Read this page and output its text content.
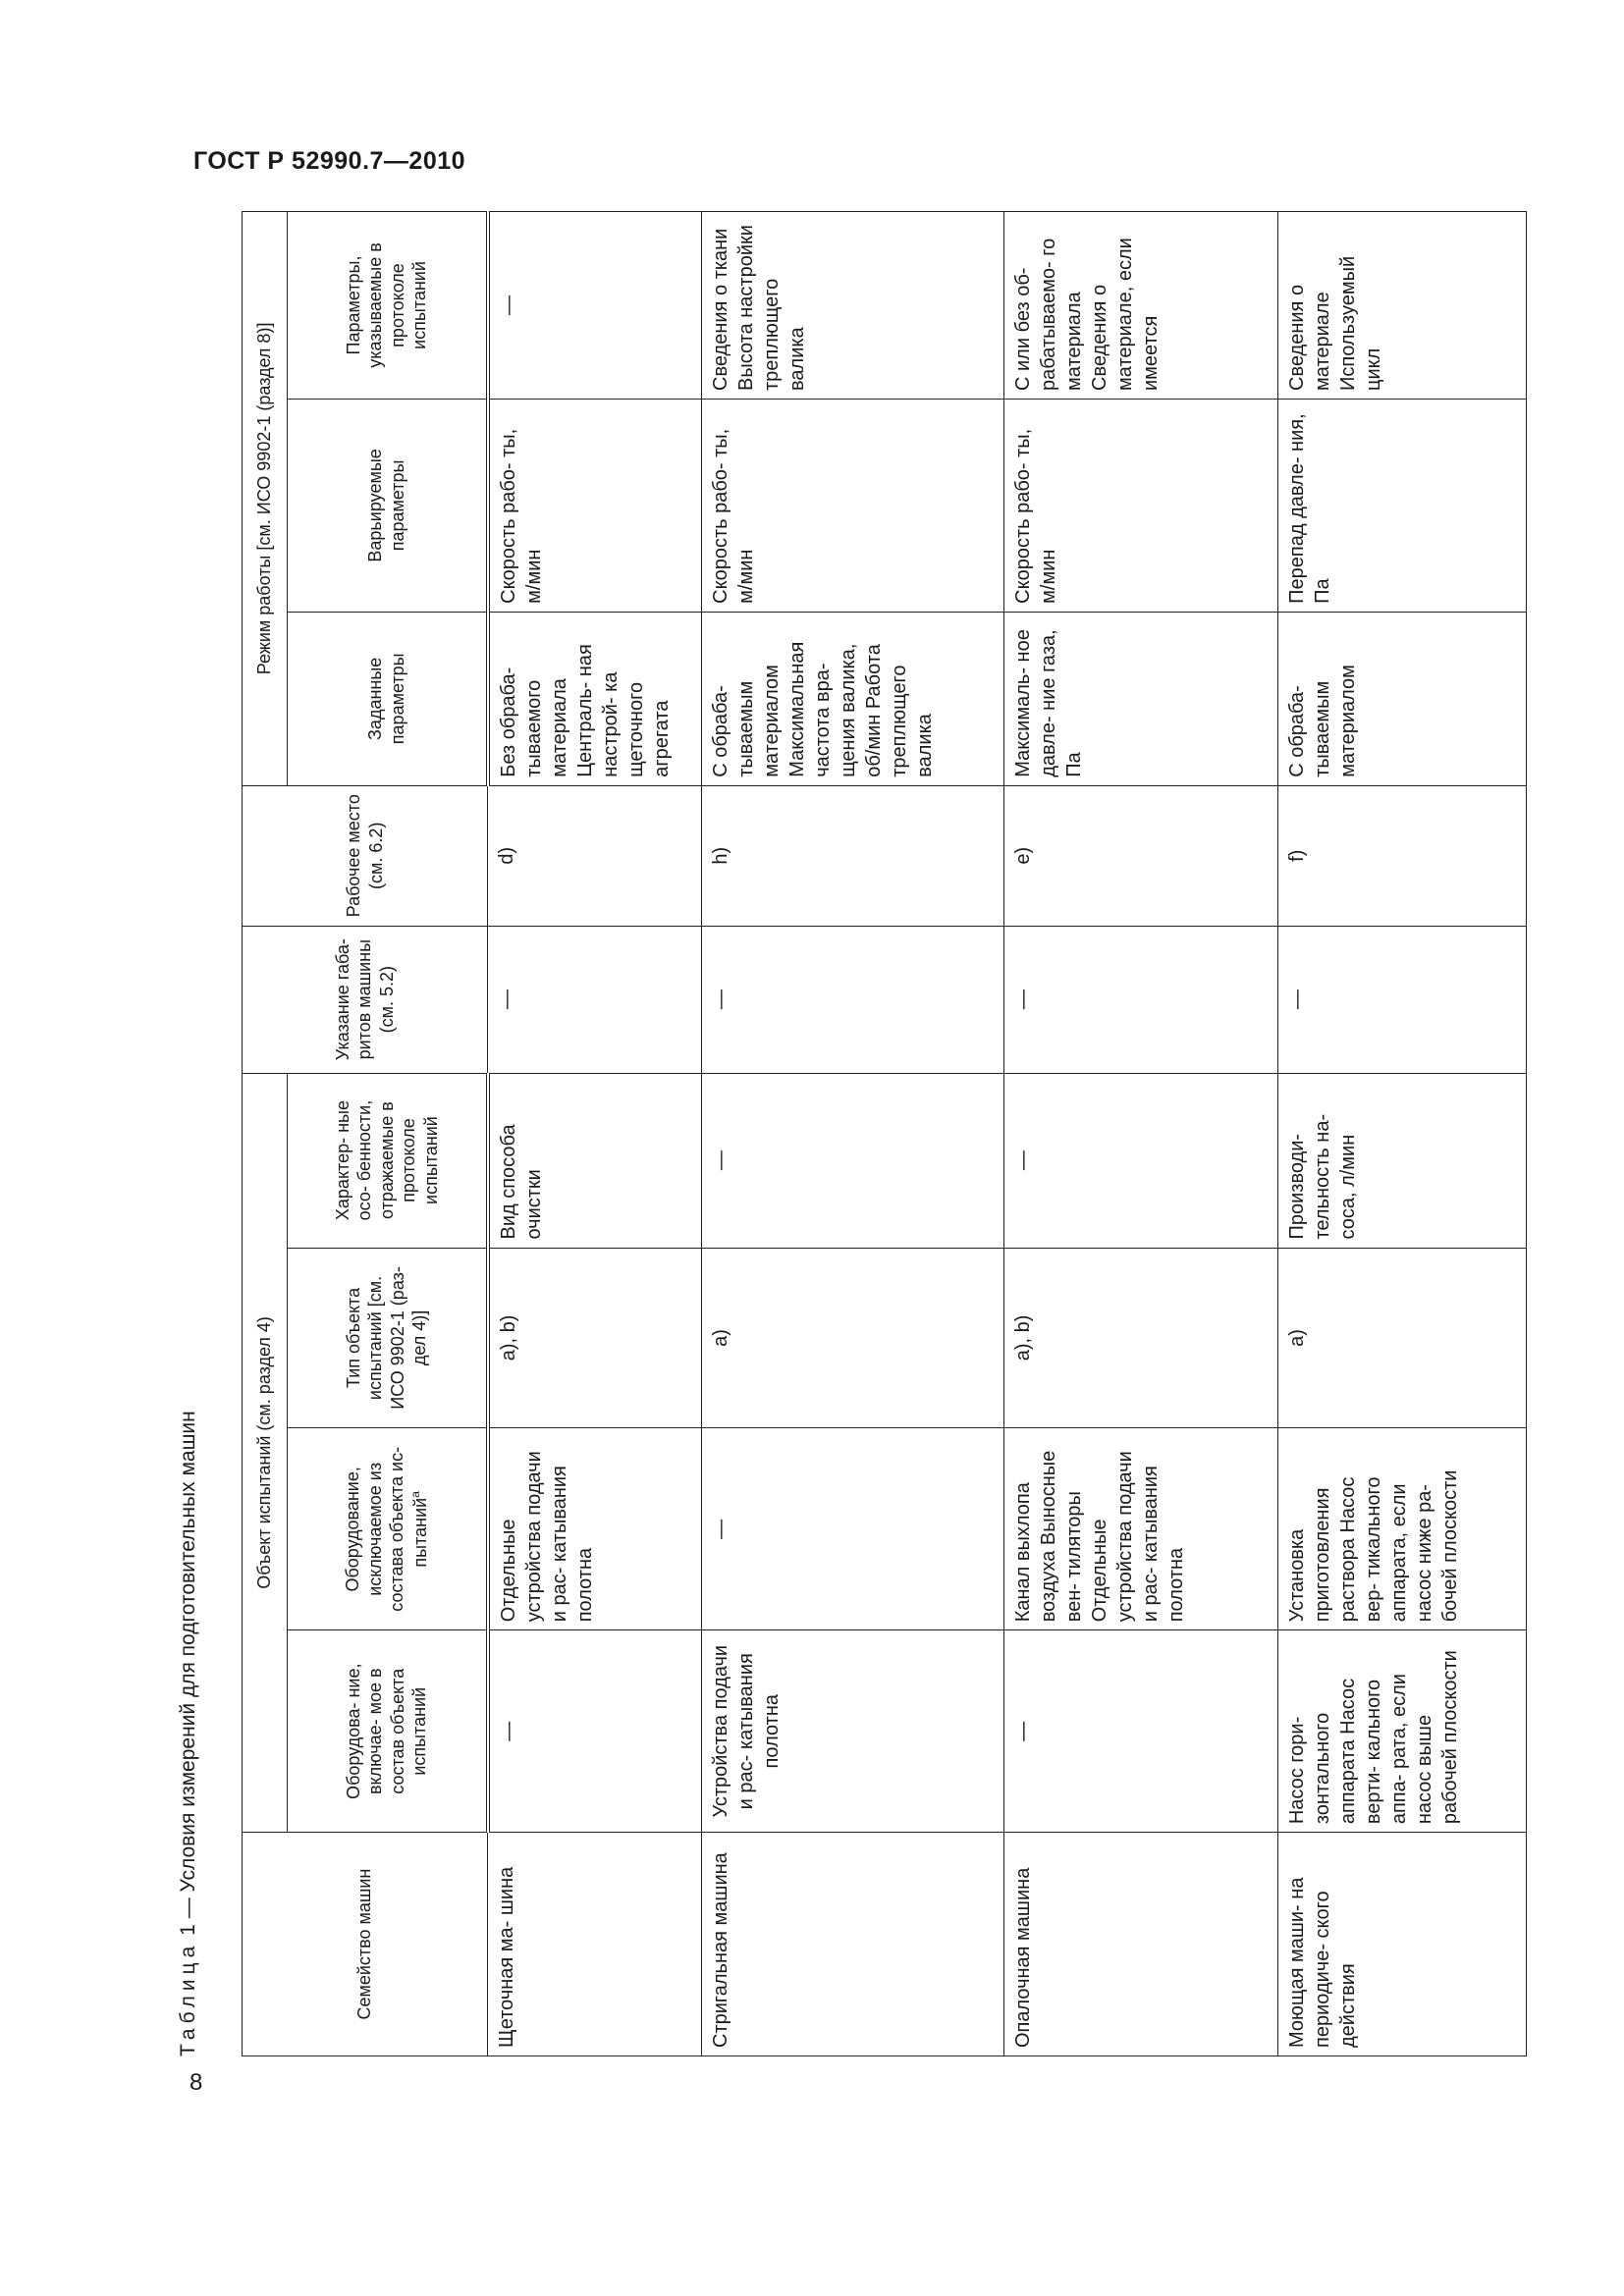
ГОСТ Р 52990.7—2010
8
Таблица 1 — Условия измерений для подготовительных машин
Семейство машин	Объект испытаний (см. раздел 4)				Указание габа- ритов машины (см. 5.2)	Рабочее место (см. 6.2)	Режим работы [см. ИСО 9902-1 (раздел 8)]		
	Оборудова- ние, включае- мое в состав объекта испытаний	Оборудование, исключаемое из состава объекта ис- пытаний$^a$	Тип объекта испытаний [см. ИСО 9902-1 (раз- дел 4)]	Характер- ные осо- бенности, отражаемые в протоколе испытаний			Заданные параметры	Варьируемые параметры	Параметры, указываемые в протоколе испытаний
Щеточная ма- шина	—	Отдельные устройства подачи и рас- катывания полотна	a), b)	Вид способа очистки	—	d)	Без обраба- тываемого материала Централь- ная настрой- ка щеточного агрегата	Скорость рабо- ты, м/мин	—
Стригальная машина	Устройства подачи и рас- катывания полотна	—	a)	—	—	h)	С обраба- тываемым материалом Максимальная частота вра- щения валика, об/мин Работа треплющего валика	Скорость рабо- ты, м/мин	Сведения о ткани Высота настройки треплющего валика
Опалочная машина	—	Канал выхлопа воздуха Выносные вен- тиляторы Отдельные устройства подачи и рас- катывания полотна	a), b)	—	—	e)	Максималь- ное давле- ние газа, Па	Скорость рабо- ты, м/мин	С или без об- рабатываемо- го материала Сведения о материале, если имеется
Моющая маши- на периодиче- ского действия	Насос гори- зонтального аппарата Насос верти- кального аппа- рата, если насос выше рабочей плоскости	Установка приготовления раствора Насос вер- тикального аппарата, если насос ниже ра- бочей плоскости	a)	Производи- тельность на- соса, л/мин	—	f)	С обраба- тываемым материалом	Перепад давле- ния, Па	Сведения о материале Используемый цикл
